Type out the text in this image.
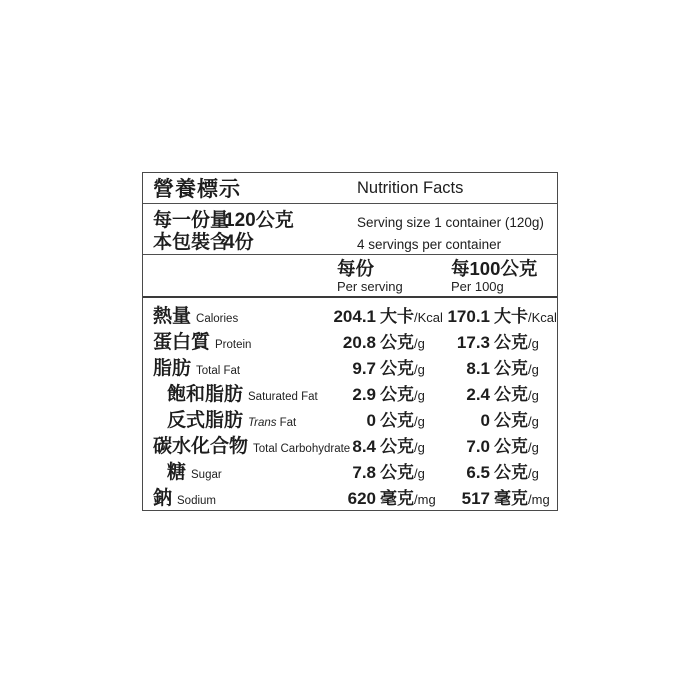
營養標示	Nutrition Facts
每一份量120公克
本包裝含4份
Serving size 1 container (120g)
4 servings per container
每份
Per serving
每100公克
Per 100g
熱量 Calories	204.1 大卡/Kcal 170.1 大卡/Kcal
蛋白質 Protein	20.8 公克/g	17.3 公克/g
脂肪 Total Fat	9.7 公克/g	8.1 公克/g
飽和脂肪 Saturated Fat	2.9 公克/g	2.4 公克/g
反式脂肪 Trans Fat	0 公克/g	0 公克/g
碳水化合物 Total Carbohydrate 8.4 公克/g	7.0 公克/g
糖 Sugar	7.8 公克/g	6.5 公克/g
鈉 Sodium	620 毫克/mg	517 毫克/mg
